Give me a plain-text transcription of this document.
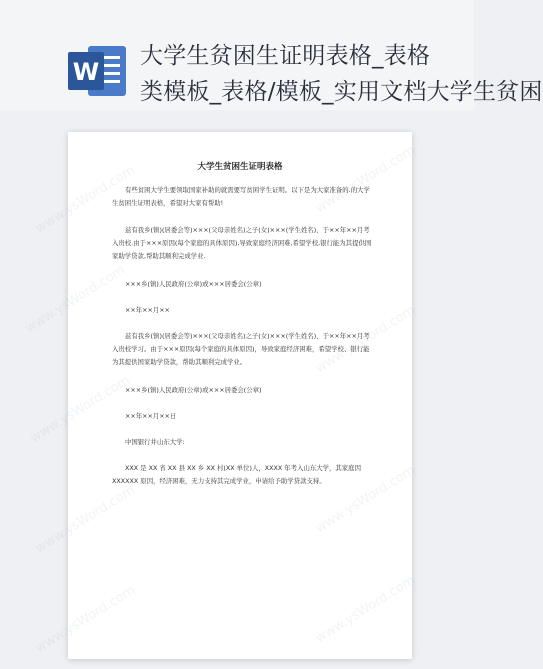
W
大学生贫困生证明表格_表格
类模板_表格/模板_实用文档大学生贫困
www.ysWord.com
www.ysWord.com
www.ysWord.com
www.ysWord.com
www.ysWord.com
www.ysWord.com
www.ysWord.com
www.ysWord.com
www.ysWord.com
大学生贫困生证明表格
有些贫困大学生要领取国家补助的就需要写贫困学生证明。以下是为大家准备的.的大学生贫困生证明表格，希望对大家有帮助!
兹有我乡(镇)(居委会等)×××(父母亲姓名)之子(女)×××(学生姓名)，于××年××月考入贵校.由于×××原因(每个家庭的具体原因),导致家庭经济困难,希望学校,银行能为其提供国家助学贷款,帮助其顺利完成学业.
×××乡(镇)人民政府(公章)或×××居委会(公章)
××年××月××
兹有我乡(镇)(居委会等)×××(父母亲姓名)之子(女)×××(学生姓名)，于××年××月考入贵校学习。由于×××原因(每个家庭的具体原因)，导致家庭经济困难，希望学校、银行能为其提供国家助学贷款，帮助其顺利完成学业。
×××乡(镇)人民政府(公章)或×××居委会(公章)
××年××月××日
中国银行井山东大学:
XXX 是 XX 省 XX 县 XX 乡 XX 村(XX 单位)人，XXXX 年考入山东大学，其家庭因 XXXXXX 原因，经济困难，无力支持其完成学业，申请给予助学贷款支持。
